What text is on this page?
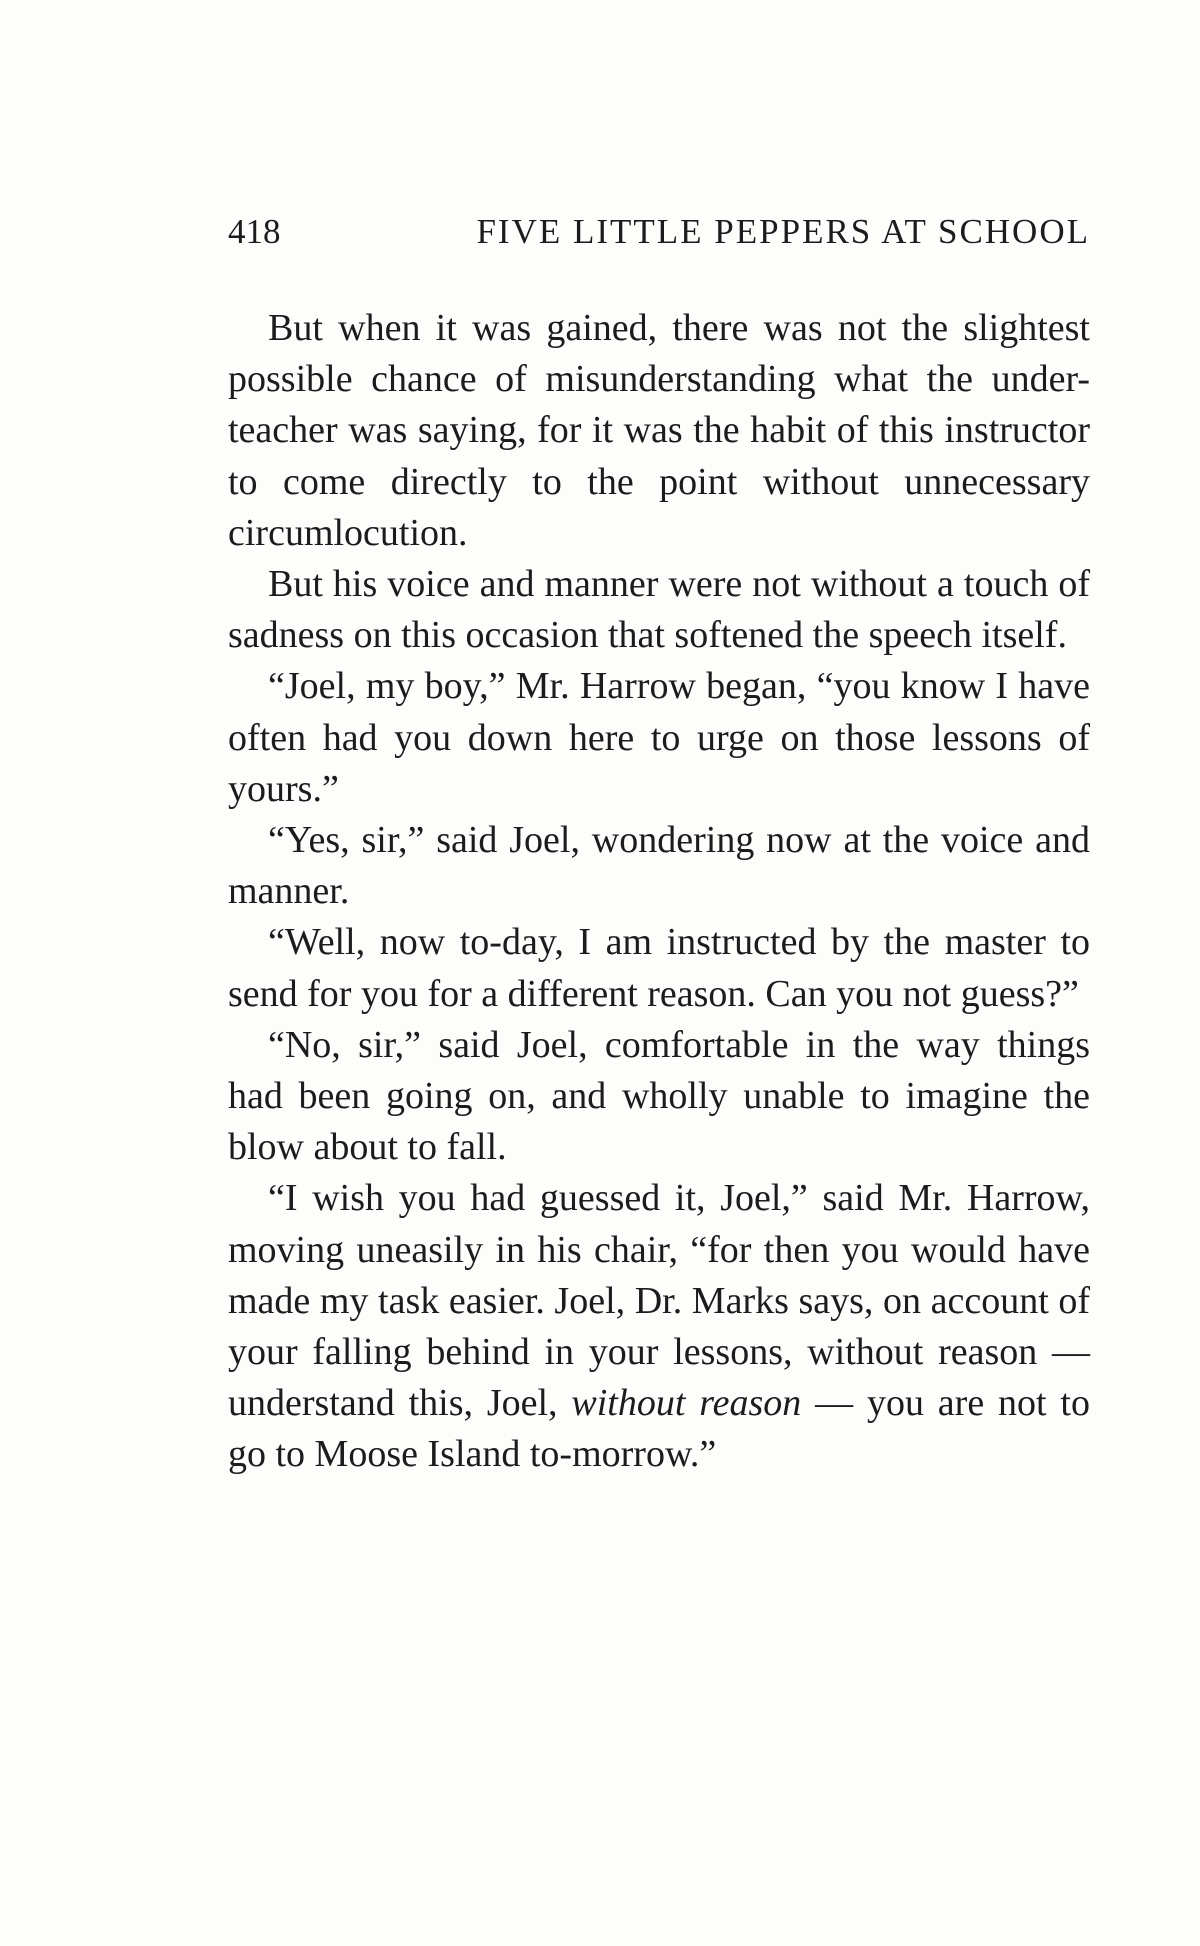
418	FIVE LITTLE PEPPERS AT SCHOOL

But when it was gained, there was not the slightest possible chance of misunderstanding what the under-teacher was saying, for it was the habit of this instructor to come directly to the point without unnecessary circumlocution.

But his voice and manner were not without a touch of sadness on this occasion that softened the speech itself.

“Joel, my boy,” Mr. Harrow began, “you know I have often had you down here to urge on those lessons of yours.”

“Yes, sir,” said Joel, wondering now at the voice and manner.

“Well, now to-day, I am instructed by the master to send for you for a different reason. Can you not guess?”

“No, sir,” said Joel, comfortable in the way things had been going on, and wholly unable to imagine the blow about to fall.

“I wish you had guessed it, Joel,” said Mr. Harrow, moving uneasily in his chair, “for then you would have made my task easier. Joel, Dr. Marks says, on account of your falling behind in your lessons, without reason — understand this, Joel, without reason — you are not to go to Moose Island to-morrow.”
